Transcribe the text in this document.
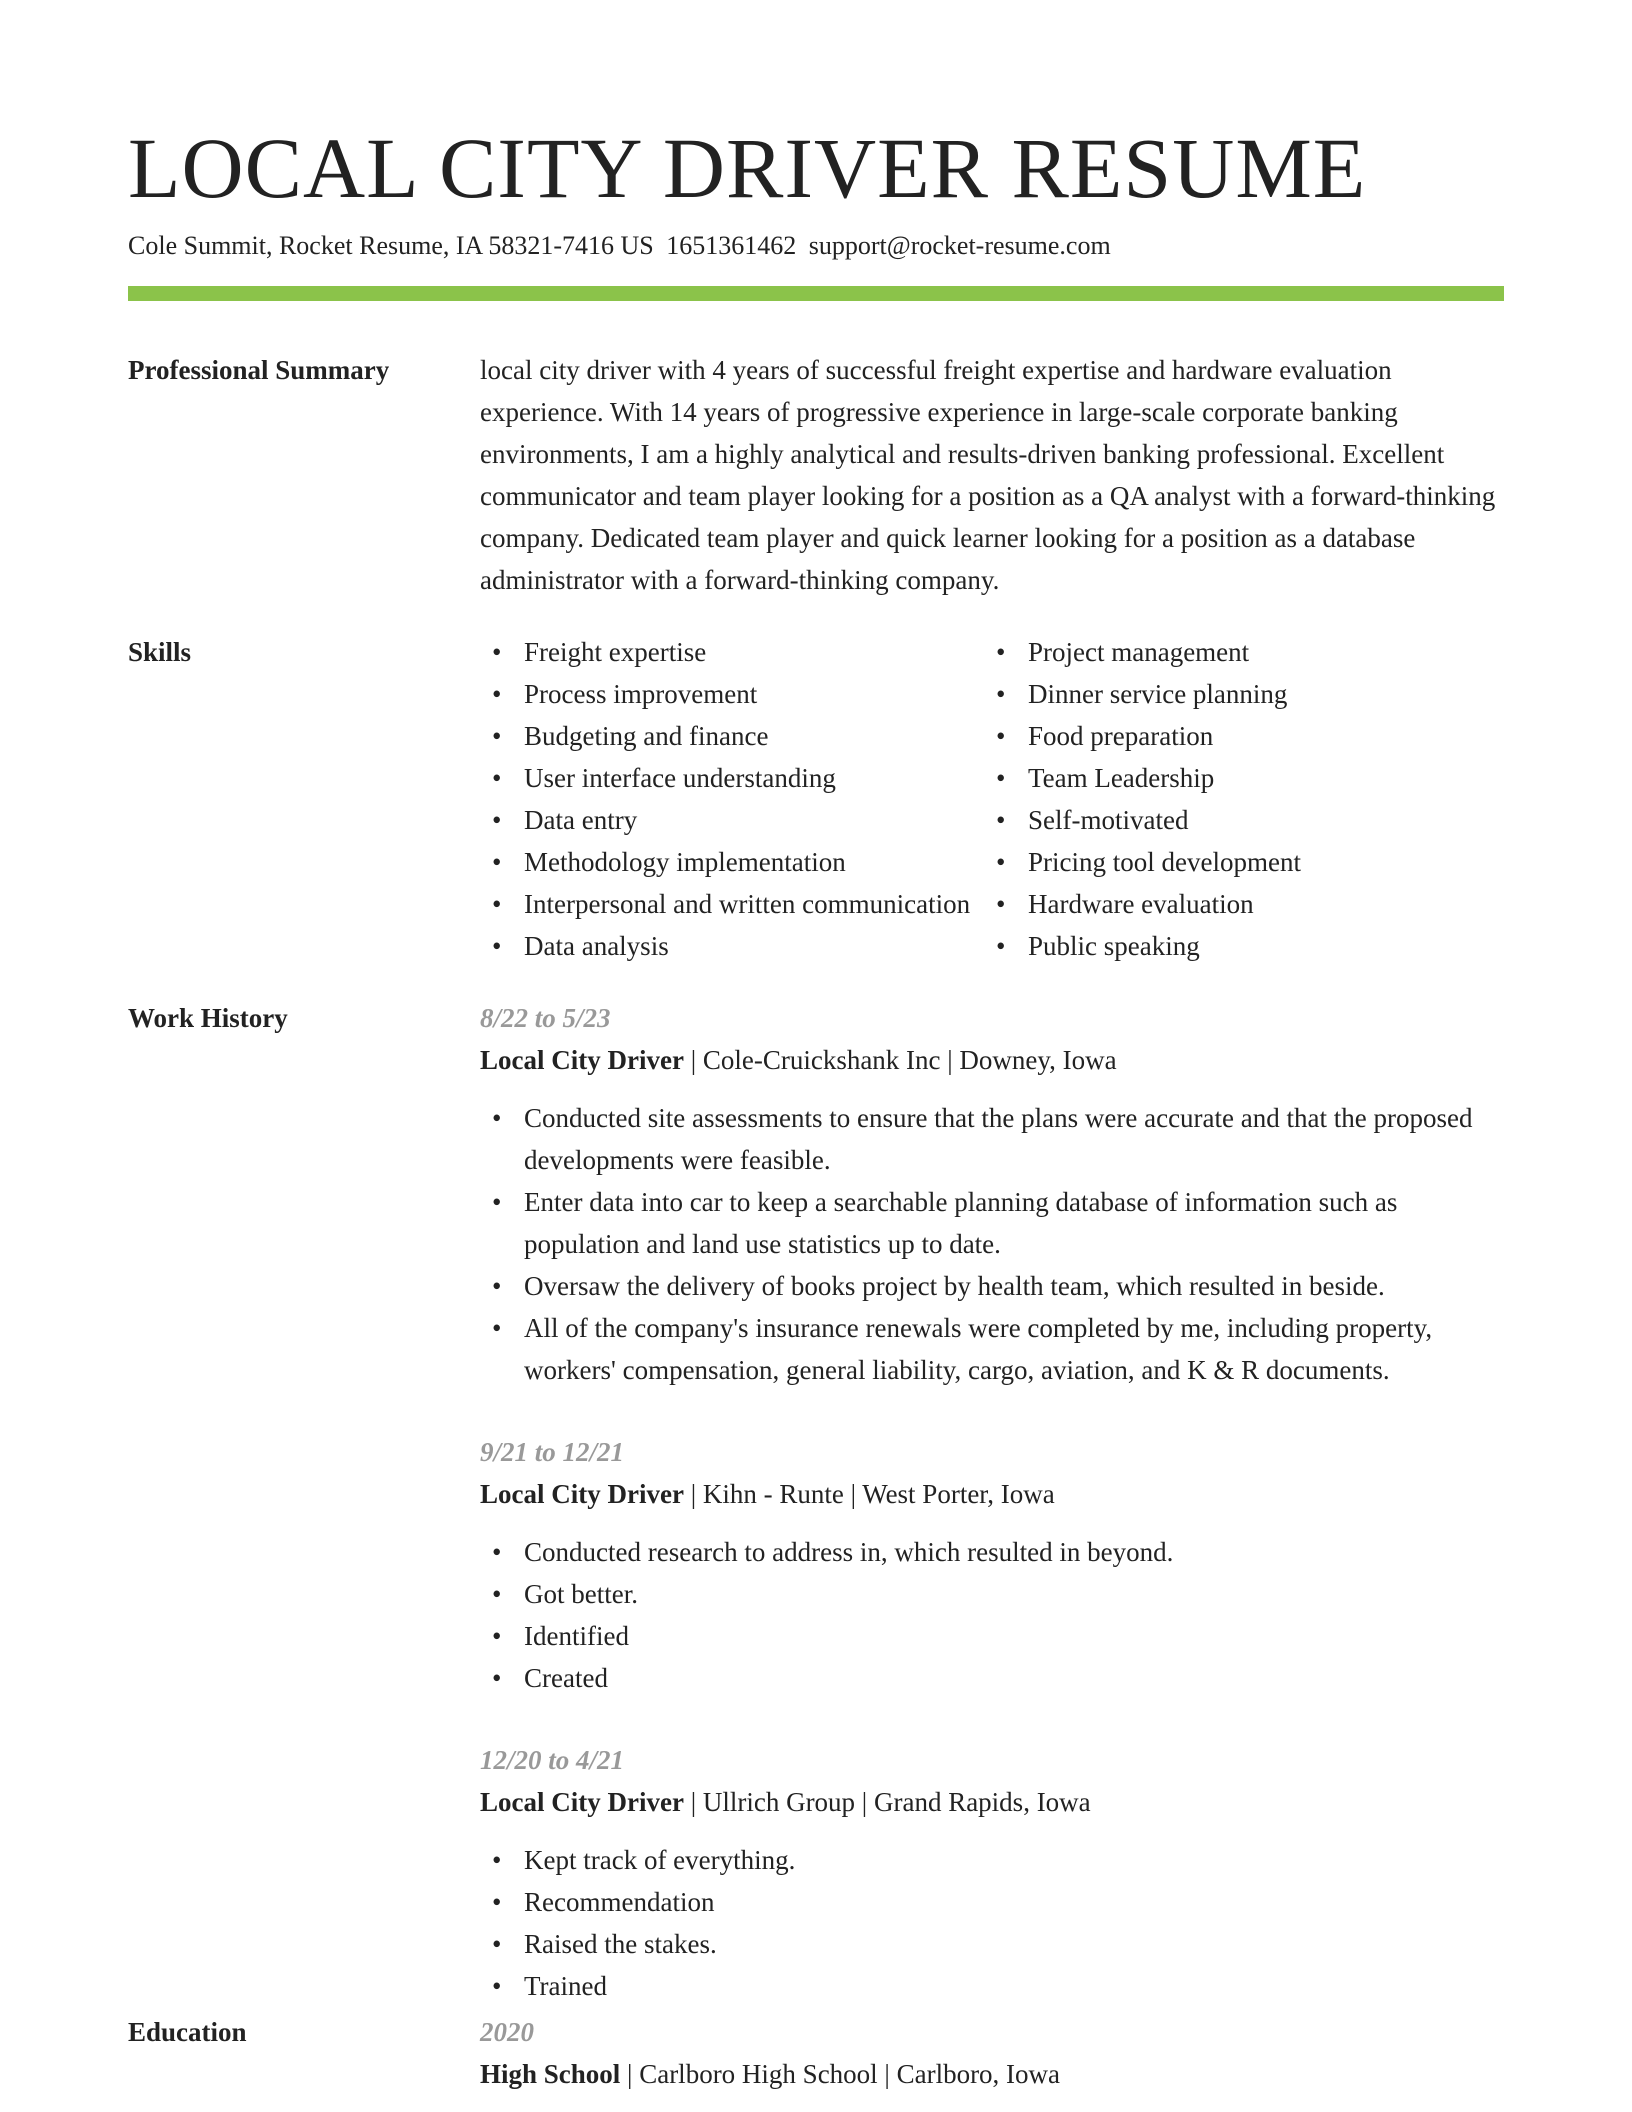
LOCAL CITY DRIVER RESUME
Cole Summit, Rocket Resume, IA 58321-7416 US 1651361462 support@rocket-resume.com
Professional Summary	local city driver with 4 years of successful freight expertise and hardware evaluation experience. With 14 years of progressive experience in large-scale corporate banking environments, I am a highly analytical and results-driven banking professional. Excellent communicator and team player looking for a position as a QA analyst with a forward-thinking company. Dedicated team player and quick learner looking for a position as a database administrator with a forward-thinking company.
Skills
•	Freight expertise
• Process improvement
• Budgeting and finance
• User interface understanding
• Data entry
• Methodology implementation
• Interpersonal and written communication
• Data analysis
• Project management
• Dinner service planning
• Food preparation
• Team Leadership
• Self-motivated
• Pricing tool development
• Hardware evaluation
• Public speaking
Work History	8/22 to 5/23
Local City Driver | Cole-Cruickshank Inc | Downey, Iowa
• Conducted site assessments to ensure that the plans were accurate and that the proposed developments were feasible.
• Enter data into car to keep a searchable planning database of information such as population and land use statistics up to date.
• Oversaw the delivery of books project by health team, which resulted in beside.
• All of the company's insurance renewals were completed by me, including property, workers' compensation, general liability, cargo, aviation, and K & R documents.
9/21 to 12/21
Local City Driver | Kihn - Runte | West Porter, Iowa
• Conducted research to address in, which resulted in beyond.
• Got better.
• Identified
• Created
12/20 to 4/21
Local City Driver | Ullrich Group | Grand Rapids, Iowa
• Kept track of everything.
• Recommendation
• Raised the stakes.
• Trained
Education	2020
High School | Carlboro High School | Carlboro, Iowa
